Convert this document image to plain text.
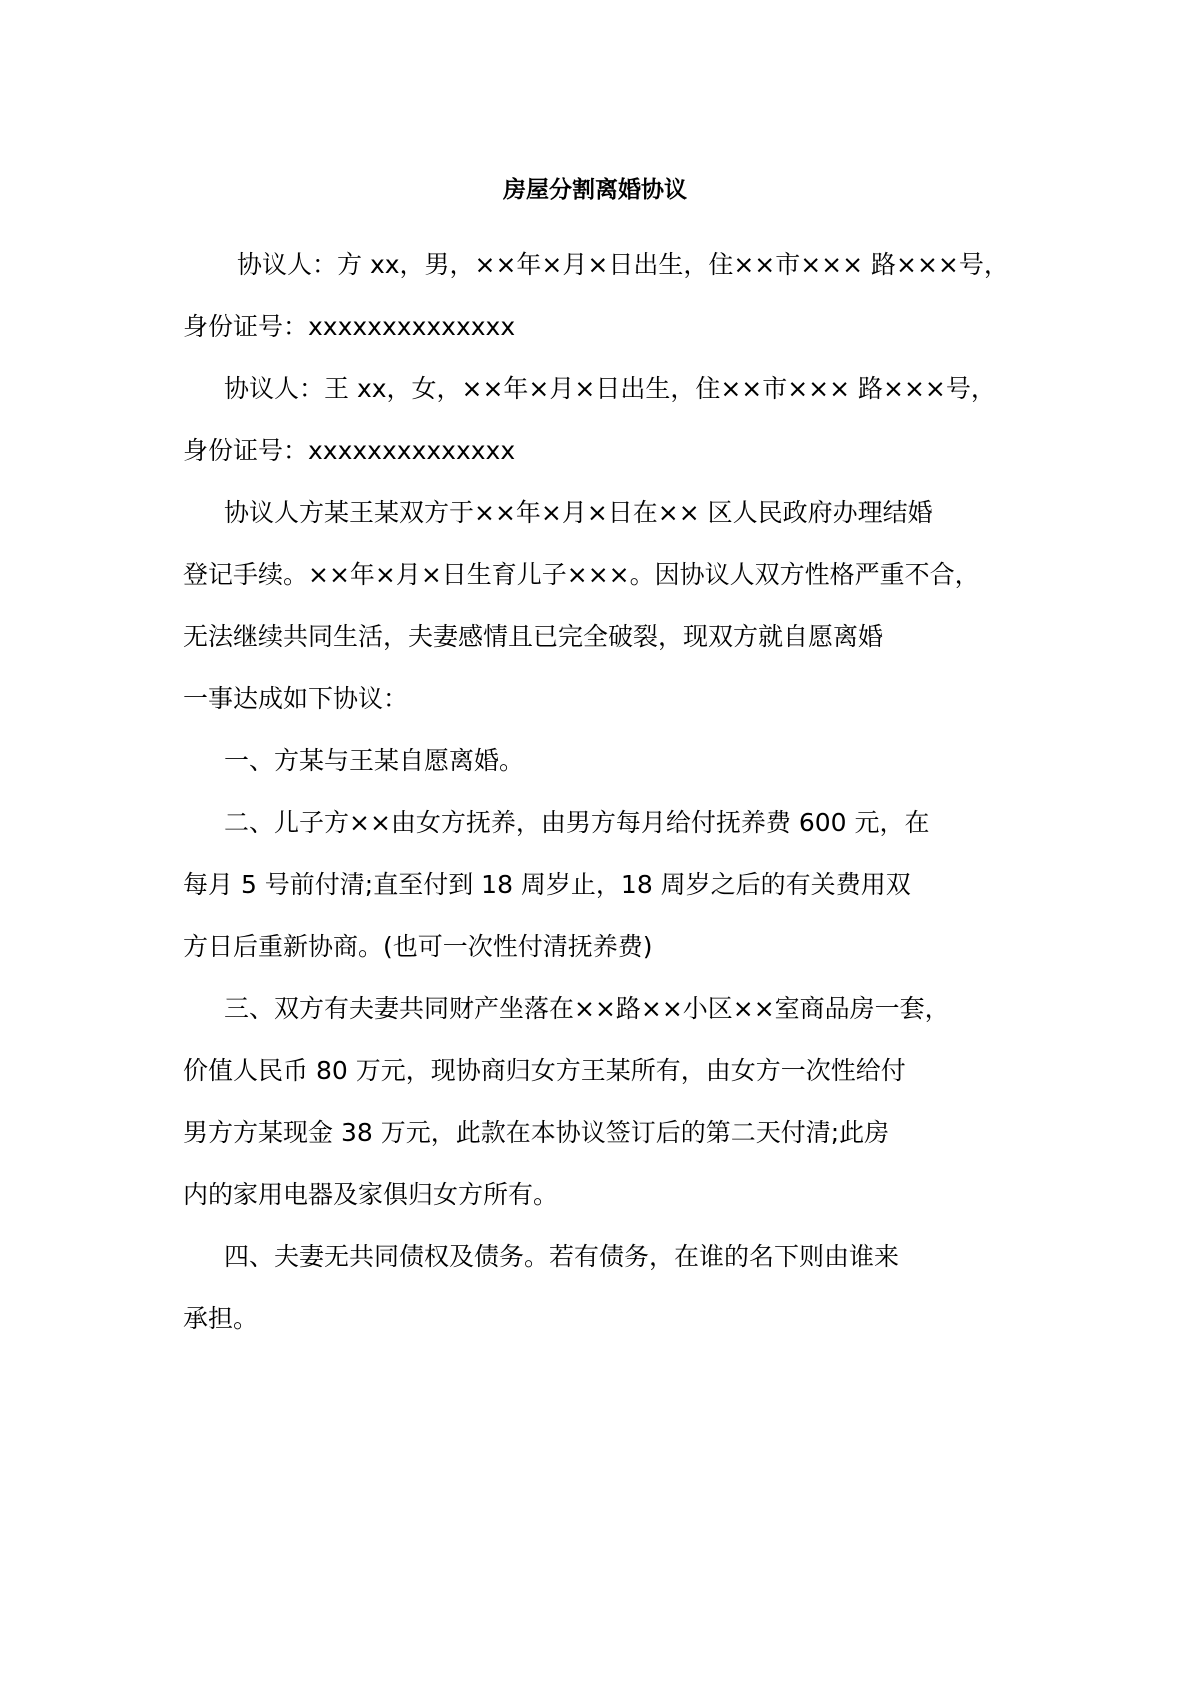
房屋分割离婚协议
协议人：方 xx，男，××年×月×日出生，住××市××× 路×××号，
身份证号：xxxxxxxxxxxxxx
协议人：王 xx，女，××年×月×日出生，住××市××× 路×××号，
身份证号：xxxxxxxxxxxxxx
协议人方某王某双方于××年×月×日在×× 区人民政府办理结婚
登记手续。××年×月×日生育儿子×××。因协议人双方性格严重不合，
无法继续共同生活，夫妻感情且已完全破裂，现双方就自愿离婚
一事达成如下协议：
一、方某与王某自愿离婚。
二、儿子方××由女方抚养，由男方每月给付抚养费 600 元，在
每月 5 号前付清;直至付到 18 周岁止，18 周岁之后的有关费用双
方日后重新协商。(也可一次性付清抚养费)
三、双方有夫妻共同财产坐落在××路××小区××室商品房一套，
价值人民币 80 万元，现协商归女方王某所有，由女方一次性给付
男方方某现金 38 万元，此款在本协议签订后的第二天付清;此房
内的家用电器及家俱归女方所有。
四、夫妻无共同债权及债务。若有债务，在谁的名下则由谁来
承担。
